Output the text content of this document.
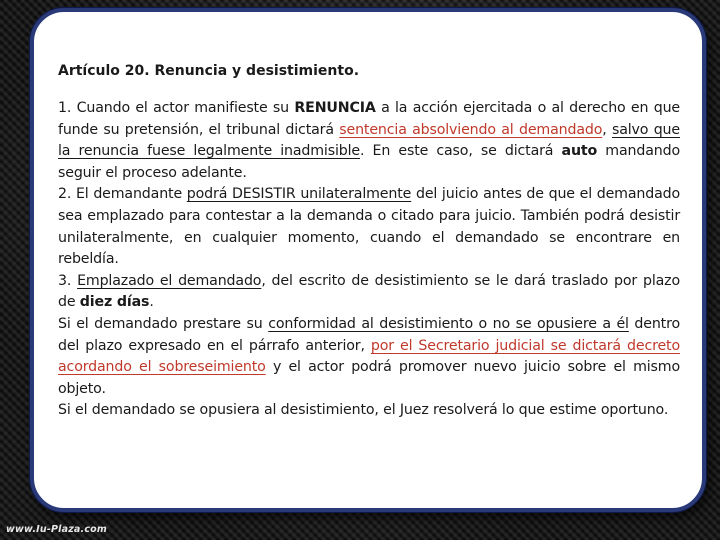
Artículo 20. Renuncia y desistimiento.

1. Cuando el actor manifieste su RENUNCIA a la acción ejercitada o al derecho en que funde su pretensión, el tribunal dictará sentencia absolviendo al demandado, salvo que la renuncia fuese legalmente inadmisible. En este caso, se dictará auto mandando seguir el proceso adelante.

2. El demandante podrá DESISTIR unilateralmente del juicio antes de que el demandado sea emplazado para contestar a la demanda o citado para juicio. También podrá desistir unilateralmente, en cualquier momento, cuando el demandado se encontrare en rebeldía.

3. Emplazado el demandado, del escrito de desistimiento se le dará traslado por plazo de diez días.

Si el demandado prestare su conformidad al desistimiento o no se opusiere a él dentro del plazo expresado en el párrafo anterior, por el Secretario judicial se dictará decreto acordando el sobreseimiento y el actor podrá promover nuevo juicio sobre el mismo objeto.

Si el demandado se opusiera al desistimiento, el Juez resolverá lo que estime oportuno.

www.Iu-Plaza.com
